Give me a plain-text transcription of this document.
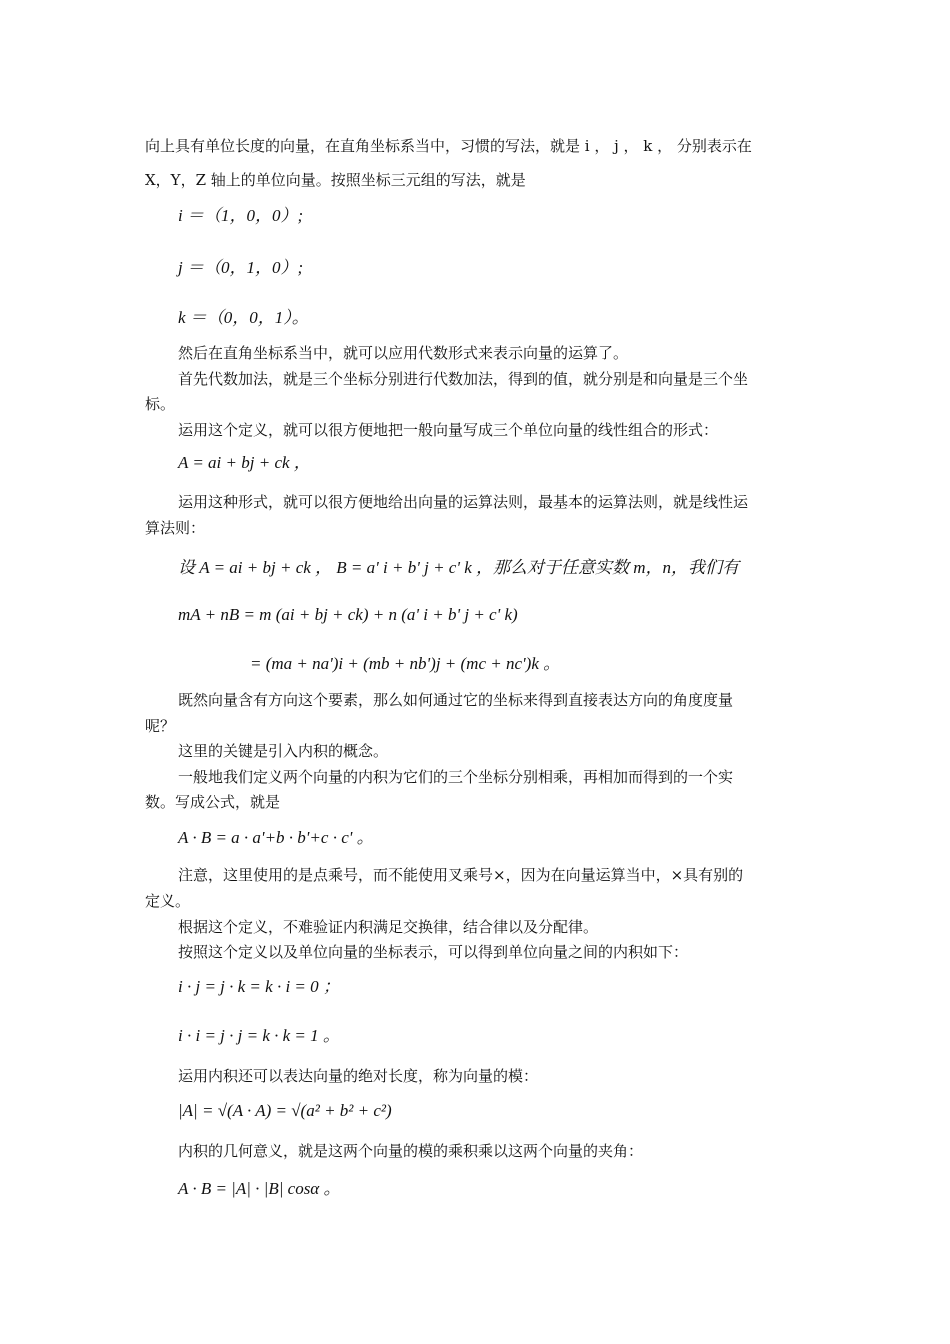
向上具有单位长度的向量，在直角坐标系当中，习惯的写法，就是 i ， j ， k ， 分别表示在
X，Y，Z 轴上的单位向量。按照坐标三元组的写法，就是
i ＝（1，0，0）;
j ＝（0，1，0）;
k ＝（0，0，1）。
然后在直角坐标系当中，就可以应用代数形式来表示向量的运算了。
首先代数加法，就是三个坐标分别进行代数加法，得到的值，就分别是和向量是三个坐
标。
运用这个定义，就可以很方便地把一般向量写成三个单位向量的线性组合的形式：
A = ai + bj + ck ，
运用这种形式，就可以很方便地给出向量的运算法则，最基本的运算法则，就是线性运
算法则：
设 A = ai + bj + ck ， B = a' i + b' j + c' k ，那么对于任意实数 m，n，我们有
mA + nB = m (ai + bj + ck) + n (a' i + b' j + c' k)
= (ma + na')i + (mb + nb')j + (mc + nc')k 。
既然向量含有方向这个要素，那么如何通过它的坐标来得到直接表达方向的角度度量
呢？
这里的关键是引入内积的概念。
一般地我们定义两个向量的内积为它们的三个坐标分别相乘，再相加而得到的一个实
数。写成公式，就是
A · B = a · a'+b · b'+c · c' 。
注意，这里使用的是点乘号，而不能使用叉乘号×，因为在向量运算当中，×具有别的
定义。
根据这个定义，不难验证内积满足交换律，结合律以及分配律。
按照这个定义以及单位向量的坐标表示，可以得到单位向量之间的内积如下：
i · j = j · k = k · i = 0 ；
i · i = j · j = k · k = 1 。
运用内积还可以表达向量的绝对长度，称为向量的模：
|A| = √(A · A) = √(a² + b² + c²)
内积的几何意义，就是这两个向量的模的乘积乘以这两个向量的夹角：
A · B = |A| · |B| cosα 。
